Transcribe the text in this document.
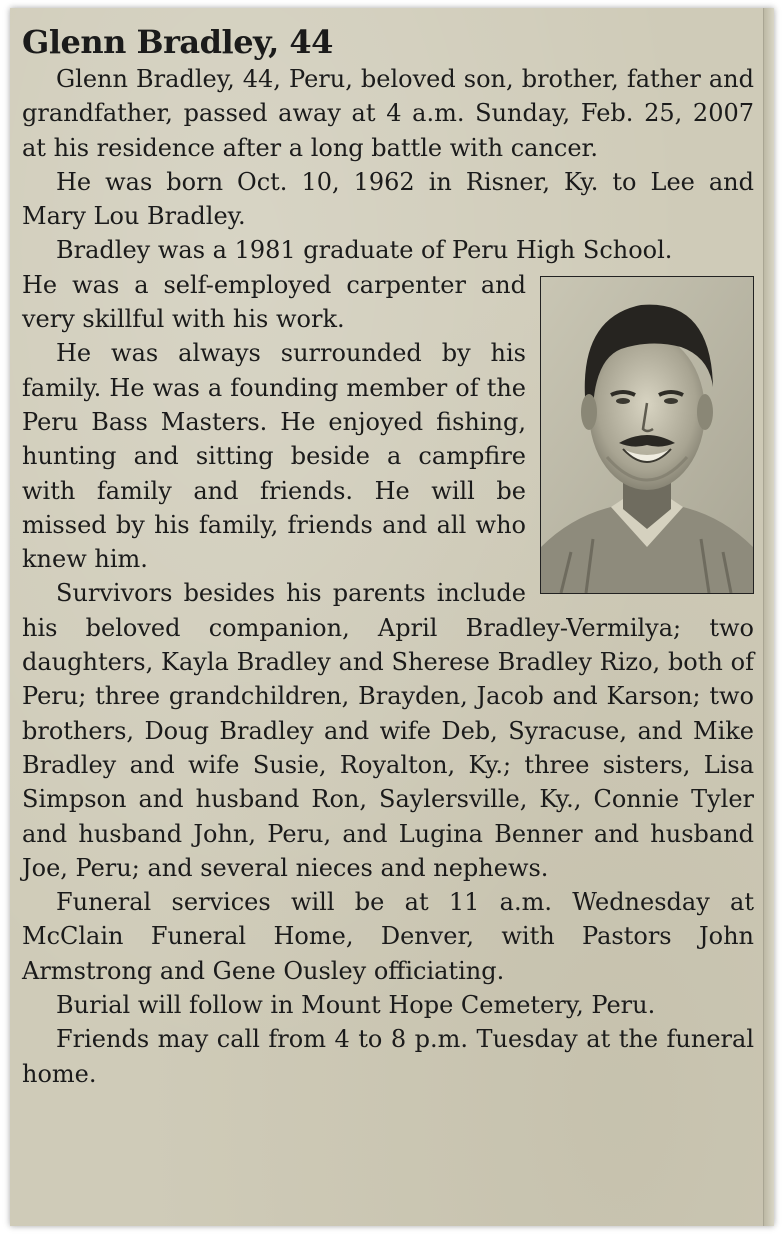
Glenn Bradley, 44

Glenn Bradley, 44, Peru, beloved son, brother, father and grandfather, passed away at 4 a.m. Sunday, Feb. 25, 2007 at his residence after a long battle with cancer.

He was born Oct. 10, 1962 in Risner, Ky. to Lee and Mary Lou Bradley.

Bradley was a 1981 graduate of Peru High School.

He was a self-employed carpenter and very skillful with his work.

He was always surrounded by his family. He was a founding member of the Peru Bass Masters. He enjoyed fishing, hunting and sitting beside a campfire with family and friends. He will be missed by his family, friends and all who knew him.

Survivors besides his parents include his beloved companion, April Bradley-Vermilya; two daughters, Kayla Bradley and Sherese Bradley Rizo, both of Peru; three grandchildren, Brayden, Jacob and Karson; two brothers, Doug Bradley and wife Deb, Syracuse, and Mike Bradley and wife Susie, Royalton, Ky.; three sisters, Lisa Simpson and husband Ron, Saylersville, Ky., Connie Tyler and husband John, Peru, and Lugina Benner and husband Joe, Peru; and several nieces and nephews.

Funeral services will be at 11 a.m. Wednesday at McClain Funeral Home, Denver, with Pastors John Armstrong and Gene Ousley officiating.

Burial will follow in Mount Hope Cemetery, Peru.

Friends may call from 4 to 8 p.m. Tuesday at the funeral home.
